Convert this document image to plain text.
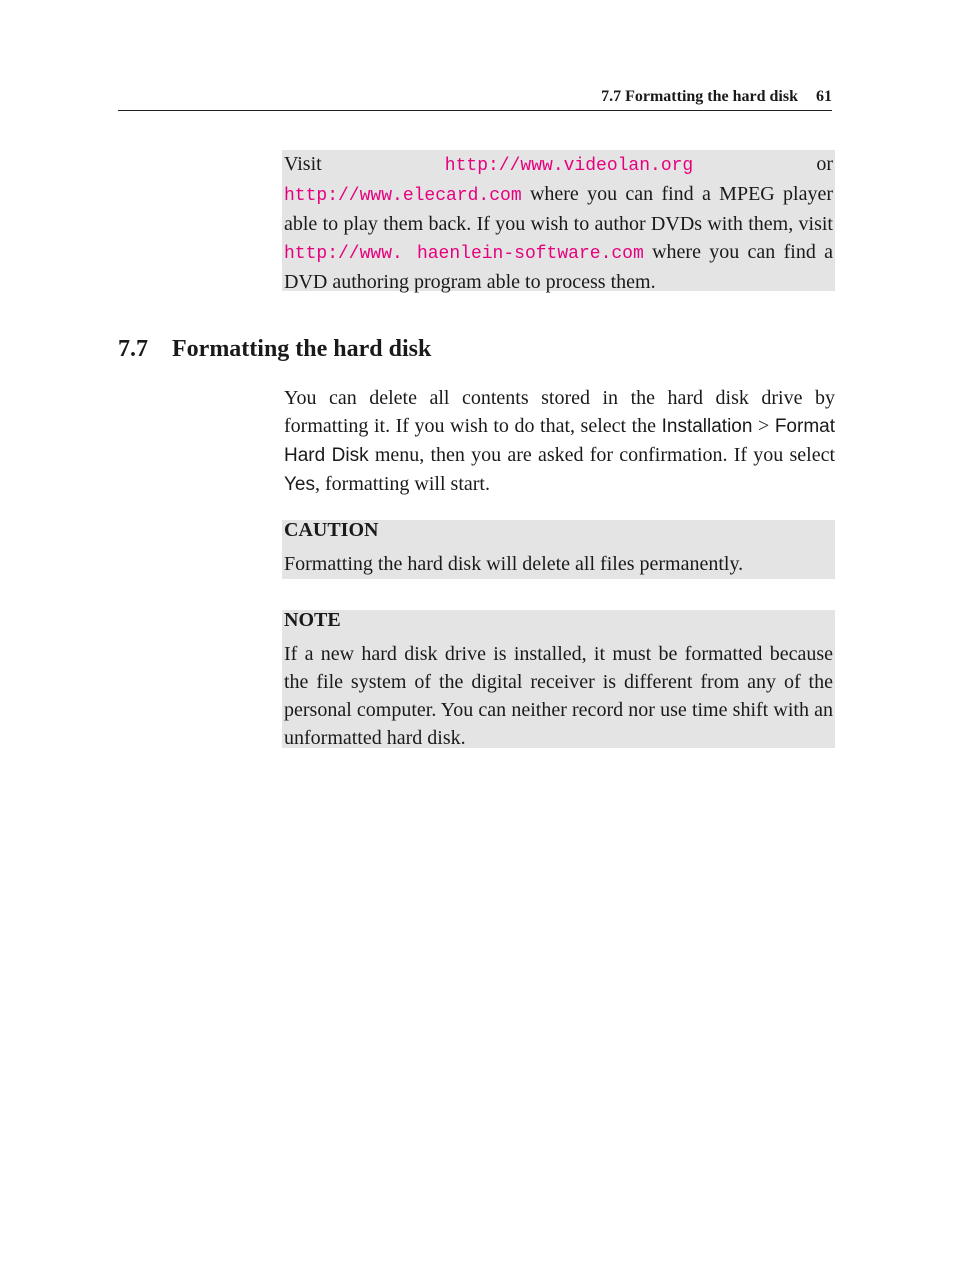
7.7 Formatting the hard disk 61

Visit	http://www.videolan.org	or http://www.elecard.com where you can find a MPEG player able to play them back. If you wish to author DVDs with them, visit http://www. haenlein-software.com where you can find a DVD authoring program able to process them.

7.7 Formatting the hard disk

You can delete all contents stored in the hard disk drive by formatting it. If you wish to do that, select the Installation > Format Hard Disk menu, then you are asked for confirmation. If you select Yes, formatting will start.

CAUTION

Formatting the hard disk will delete all files permanently.

NOTE

If a new hard disk drive is installed, it must be formatted because the file system of the digital receiver is different from any of the personal computer. You can neither record nor use time shift with an unformatted hard disk.
